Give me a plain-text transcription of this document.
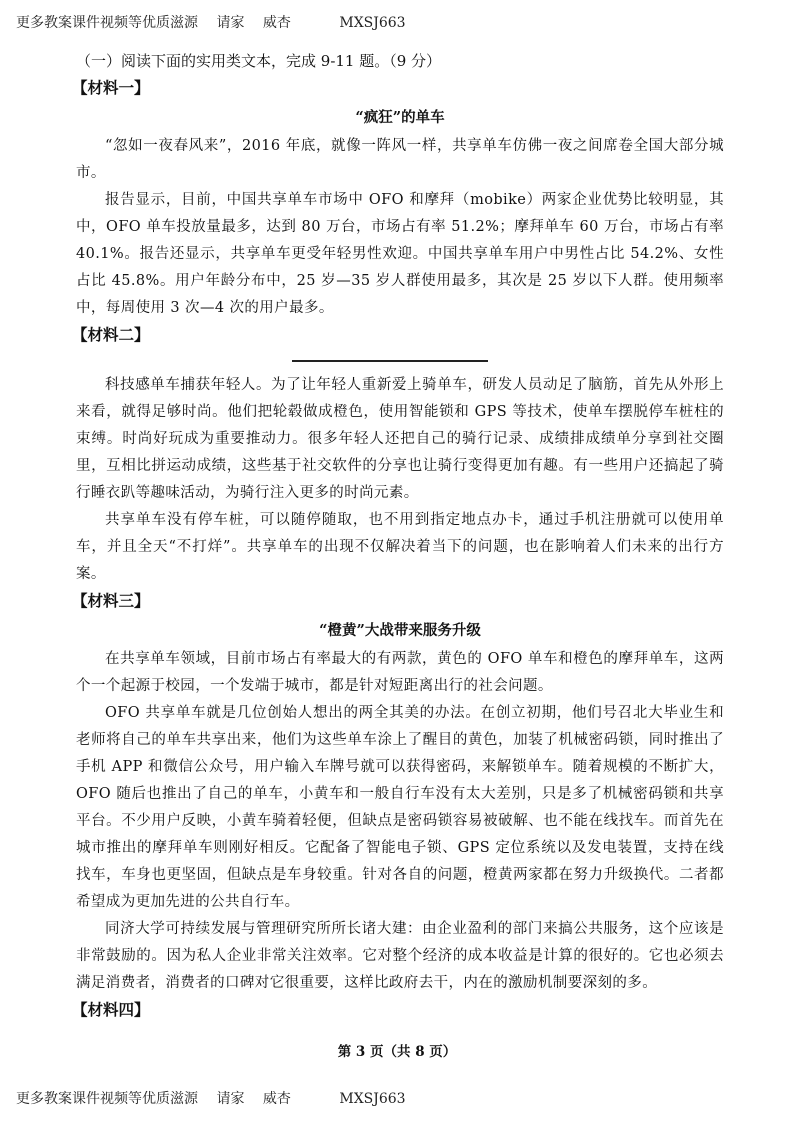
更多教案课件视频等优质滋源 请家 威杏	MXSJ663

（一）阅读下面的实用类文本，完成 9-11 题。（9 分）

【材料一】

“疯狂”的单车

“忽如一夜春风来”，2016 年底，就像一阵风一样，共享单车仿佛一夜之间席卷全国大部分城市。

报告显示，目前，中国共享单车市场中 OFO 和摩拜（mobike）两家企业优势比较明显，其中，OFO 单车投放量最多，达到 80 万台，市场占有率 51.2%；摩拜单车 60 万台，市场占有率 40.1%。报告还显示，共享单车更受年轻男性欢迎。中国共享单车用户中男性占比 54.2%、女性占比 45.8%。用户年龄分布中，25 岁—35 岁人群使用最多，其次是 25 岁以下人群。使用频率中，每周使用 3 次—4 次的用户最多。

【材料二】

科技感单车捕获年轻人。为了让年轻人重新爱上骑单车，研发人员动足了脑筋，首先从外形上来看，就得足够时尚。他们把轮毂做成橙色，使用智能锁和 GPS 等技术，使单车摆脱停车桩柱的束缚。时尚好玩成为重要推动力。很多年轻人还把自己的骑行记录、成绩排成绩单分享到社交圈里，互相比拼运动成绩，这些基于社交软件的分享也让骑行变得更加有趣。有一些用户还搞起了骑行睡衣趴等趣味活动，为骑行注入更多的时尚元素。

共享单车没有停车桩，可以随停随取，也不用到指定地点办卡，通过手机注册就可以使用单车，并且全天“不打烊”。共享单车的出现不仅解决着当下的问题，也在影响着人们未来的出行方案。

【材料三】

“橙黄”大战带来服务升级

在共享单车领域，目前市场占有率最大的有两款，黄色的 OFO 单车和橙色的摩拜单车，这两个一个起源于校园，一个发端于城市，都是针对短距离出行的社会问题。

OFO 共享单车就是几位创始人想出的两全其美的办法。在创立初期，他们号召北大毕业生和老师将自己的单车共享出来，他们为这些单车涂上了醒目的黄色，加装了机械密码锁，同时推出了手机 APP 和微信公众号，用户输入车牌号就可以获得密码，来解锁单车。随着规模的不断扩大，OFO 随后也推出了自己的单车，小黄车和一般自行车没有太大差别，只是多了机械密码锁和共享平台。不少用户反映，小黄车骑着轻便，但缺点是密码锁容易被破解、也不能在线找车。而首先在城市推出的摩拜单车则刚好相反。它配备了智能电子锁、GPS 定位系统以及发电装置，支持在线找车，车身也更坚固，但缺点是车身较重。针对各自的问题，橙黄两家都在努力升级换代。二者都希望成为更加先进的公共自行车。

同济大学可持续发展与管理研究所所长诸大建：由企业盈利的部门来搞公共服务，这个应该是非常鼓励的。因为私人企业非常关注效率。它对整个经济的成本收益是计算的很好的。它也必须去满足消费者，消费者的口碑对它很重要，这样比政府去干，内在的激励机制要深刻的多。

【材料四】

第 3 页（共 8 页）
更多教案课件视频等优质滋源 请家 威杏	MXSJ663
